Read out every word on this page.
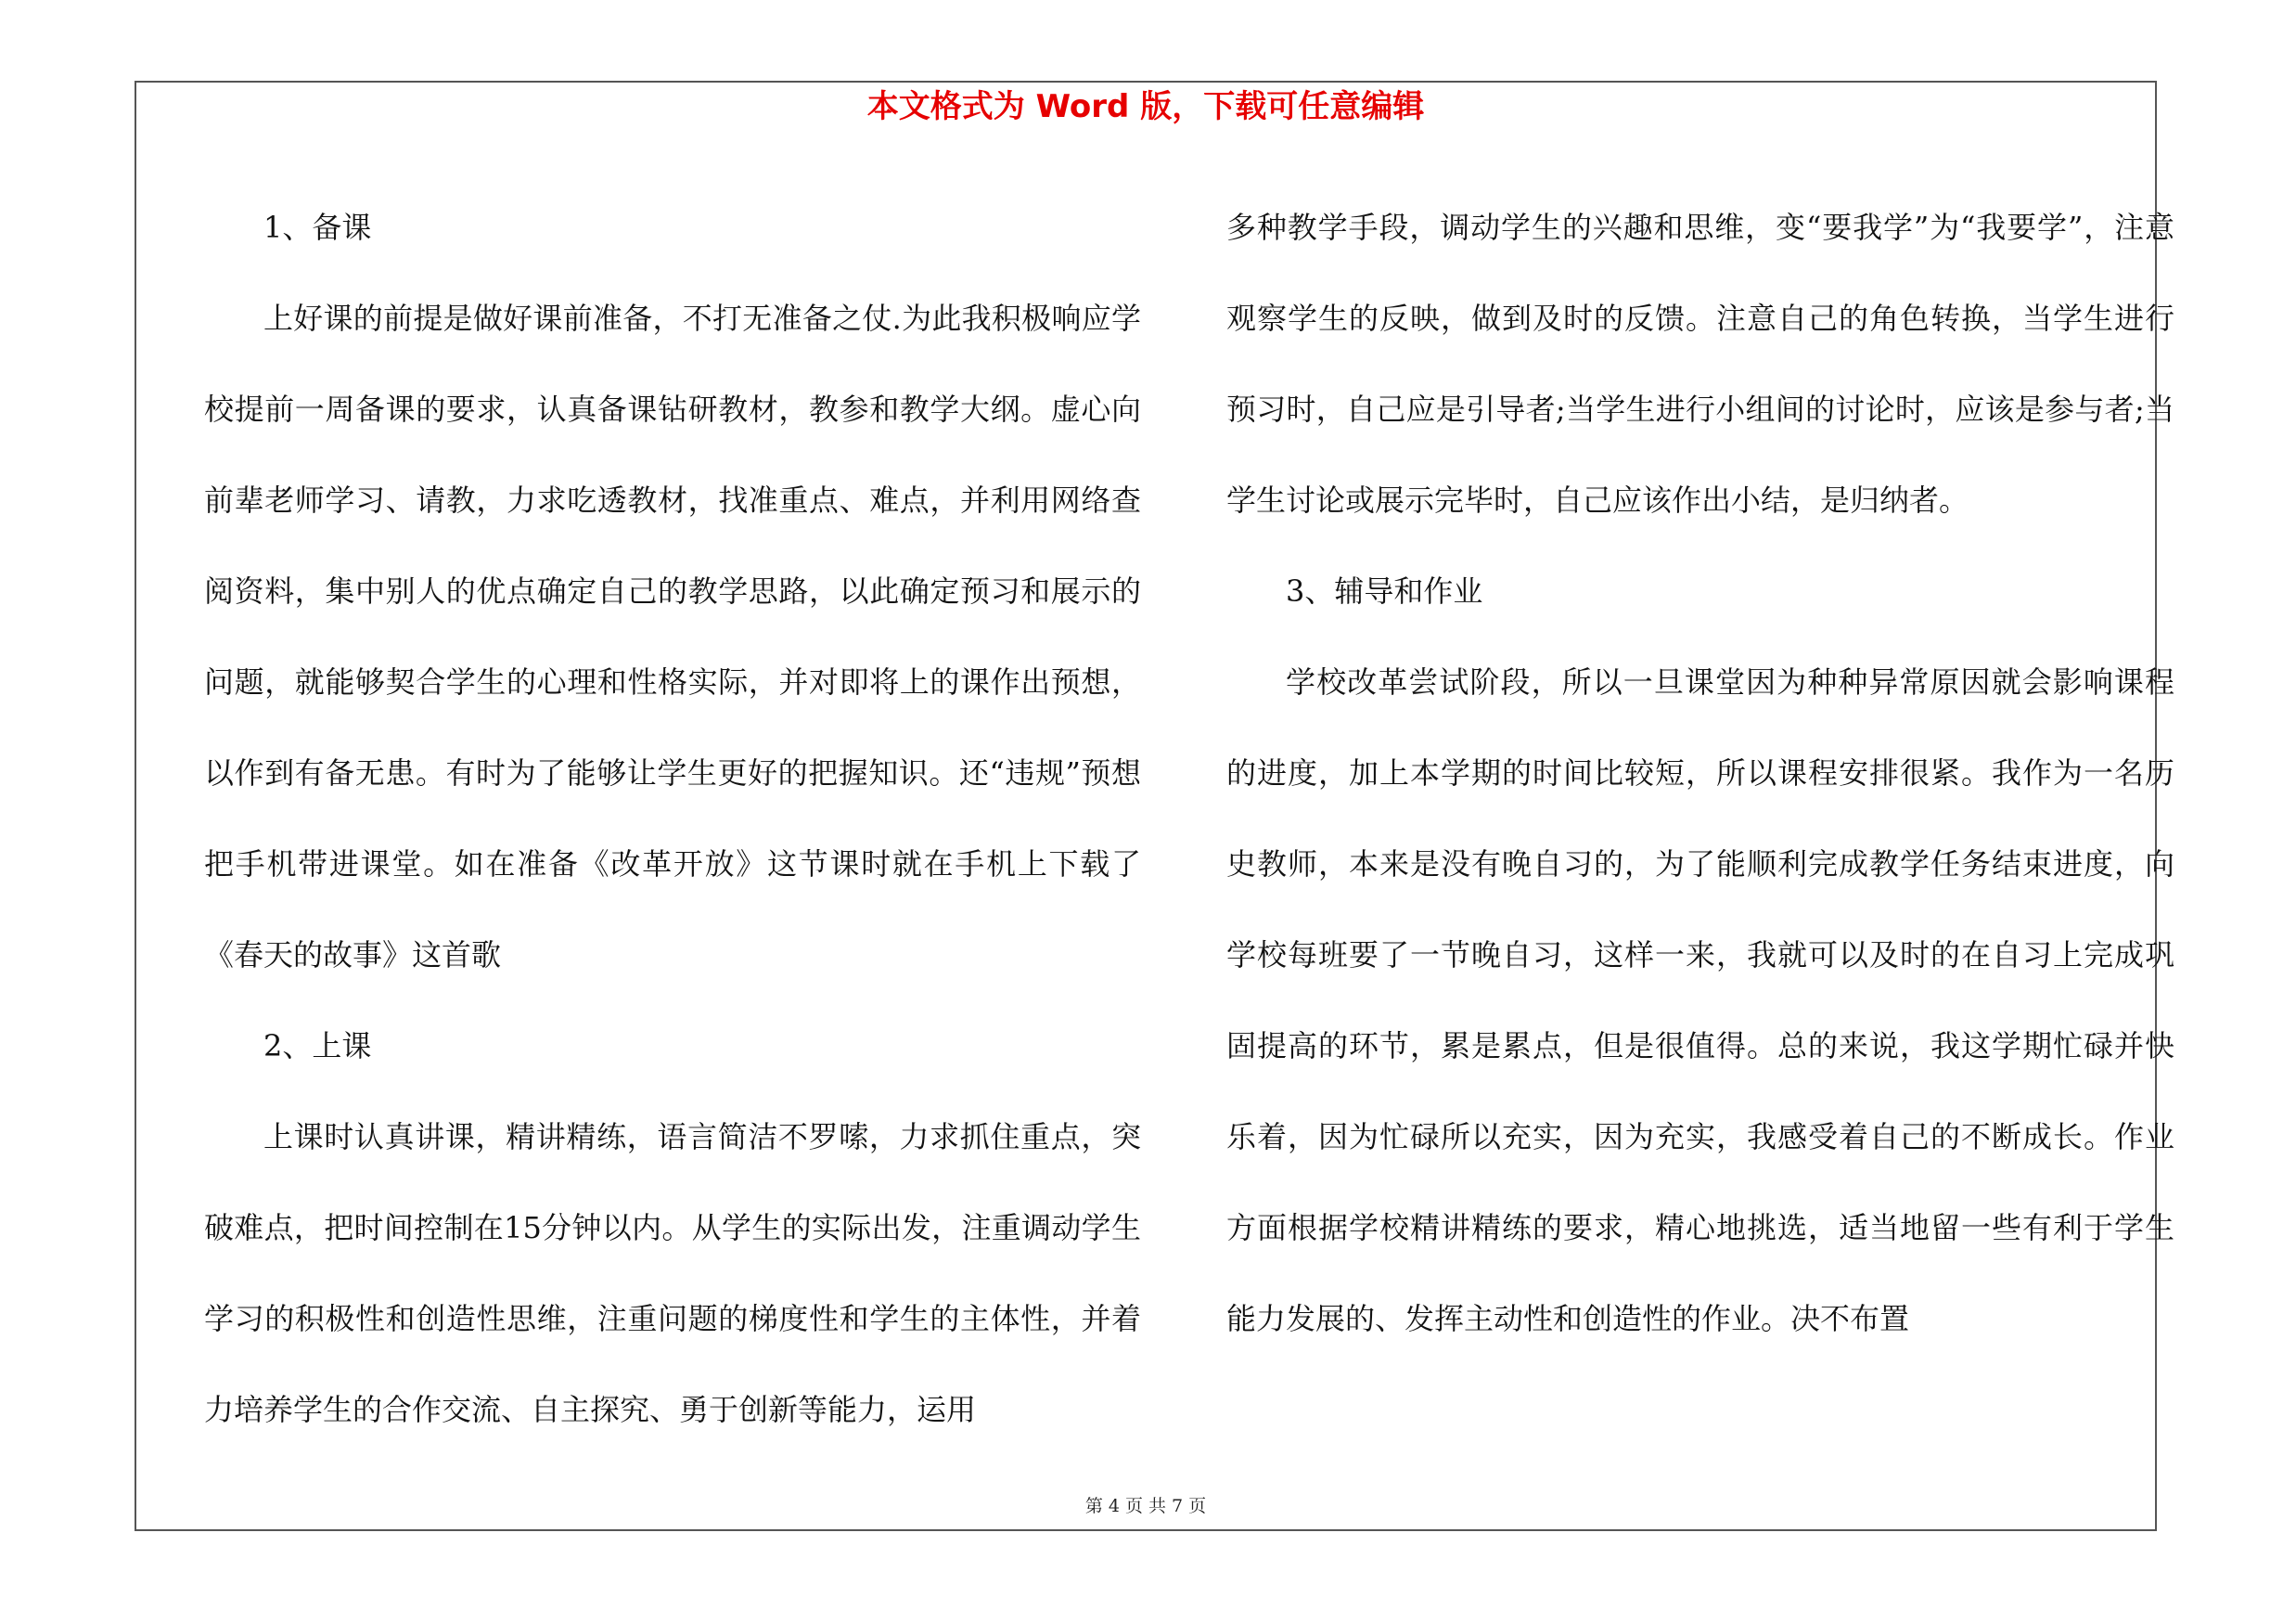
本文格式为 Word 版，下载可任意编辑

1、备课

上好课的前提是做好课前准备，不打无准备之仗.为此我积极响应学校提前一周备课的要求，认真备课钻研教材，教参和教学大纲。虚心向前辈老师学习、请教，力求吃透教材，找准重点、难点，并利用网络查阅资料，集中别人的优点确定自己的教学思路，以此确定预习和展示的问题，就能够契合学生的心理和性格实际，并对即将上的课作出预想，以作到有备无患。有时为了能够让学生更好的把握知识。还“违规”预想把手机带进课堂。如在准备《改革开放》这节课时就在手机上下载了《春天的故事》这首歌

2、上课

上课时认真讲课，精讲精练，语言简洁不罗嗦，力求抓住重点，突破难点，把时间控制在15分钟以内。从学生的实际出发，注重调动学生学习的积极性和创造性思维，注重问题的梯度性和学生的主体性，并着力培养学生的合作交流、自主探究、勇于创新等能力，运用

多种教学手段，调动学生的兴趣和思维，变“要我学”为“我要学”，注意观察学生的反映，做到及时的反馈。注意自己的角色转换，当学生进行预习时，自己应是引导者;当学生进行小组间的讨论时，应该是参与者;当学生讨论或展示完毕时，自己应该作出小结，是归纳者。

3、辅导和作业

学校改革尝试阶段，所以一旦课堂因为种种异常原因就会影响课程的进度，加上本学期的时间比较短，所以课程安排很紧。我作为一名历史教师，本来是没有晚自习的，为了能顺利完成教学任务结束进度，向学校每班要了一节晚自习，这样一来，我就可以及时的在自习上完成巩固提高的环节，累是累点，但是很值得。总的来说，我这学期忙碌并快乐着，因为忙碌所以充实，因为充实，我感受着自己的不断成长。作业方面根据学校精讲精练的要求，精心地挑选，适当地留一些有利于学生能力发展的、发挥主动性和创造性的作业。决不布置

第 4 页 共 7 页
